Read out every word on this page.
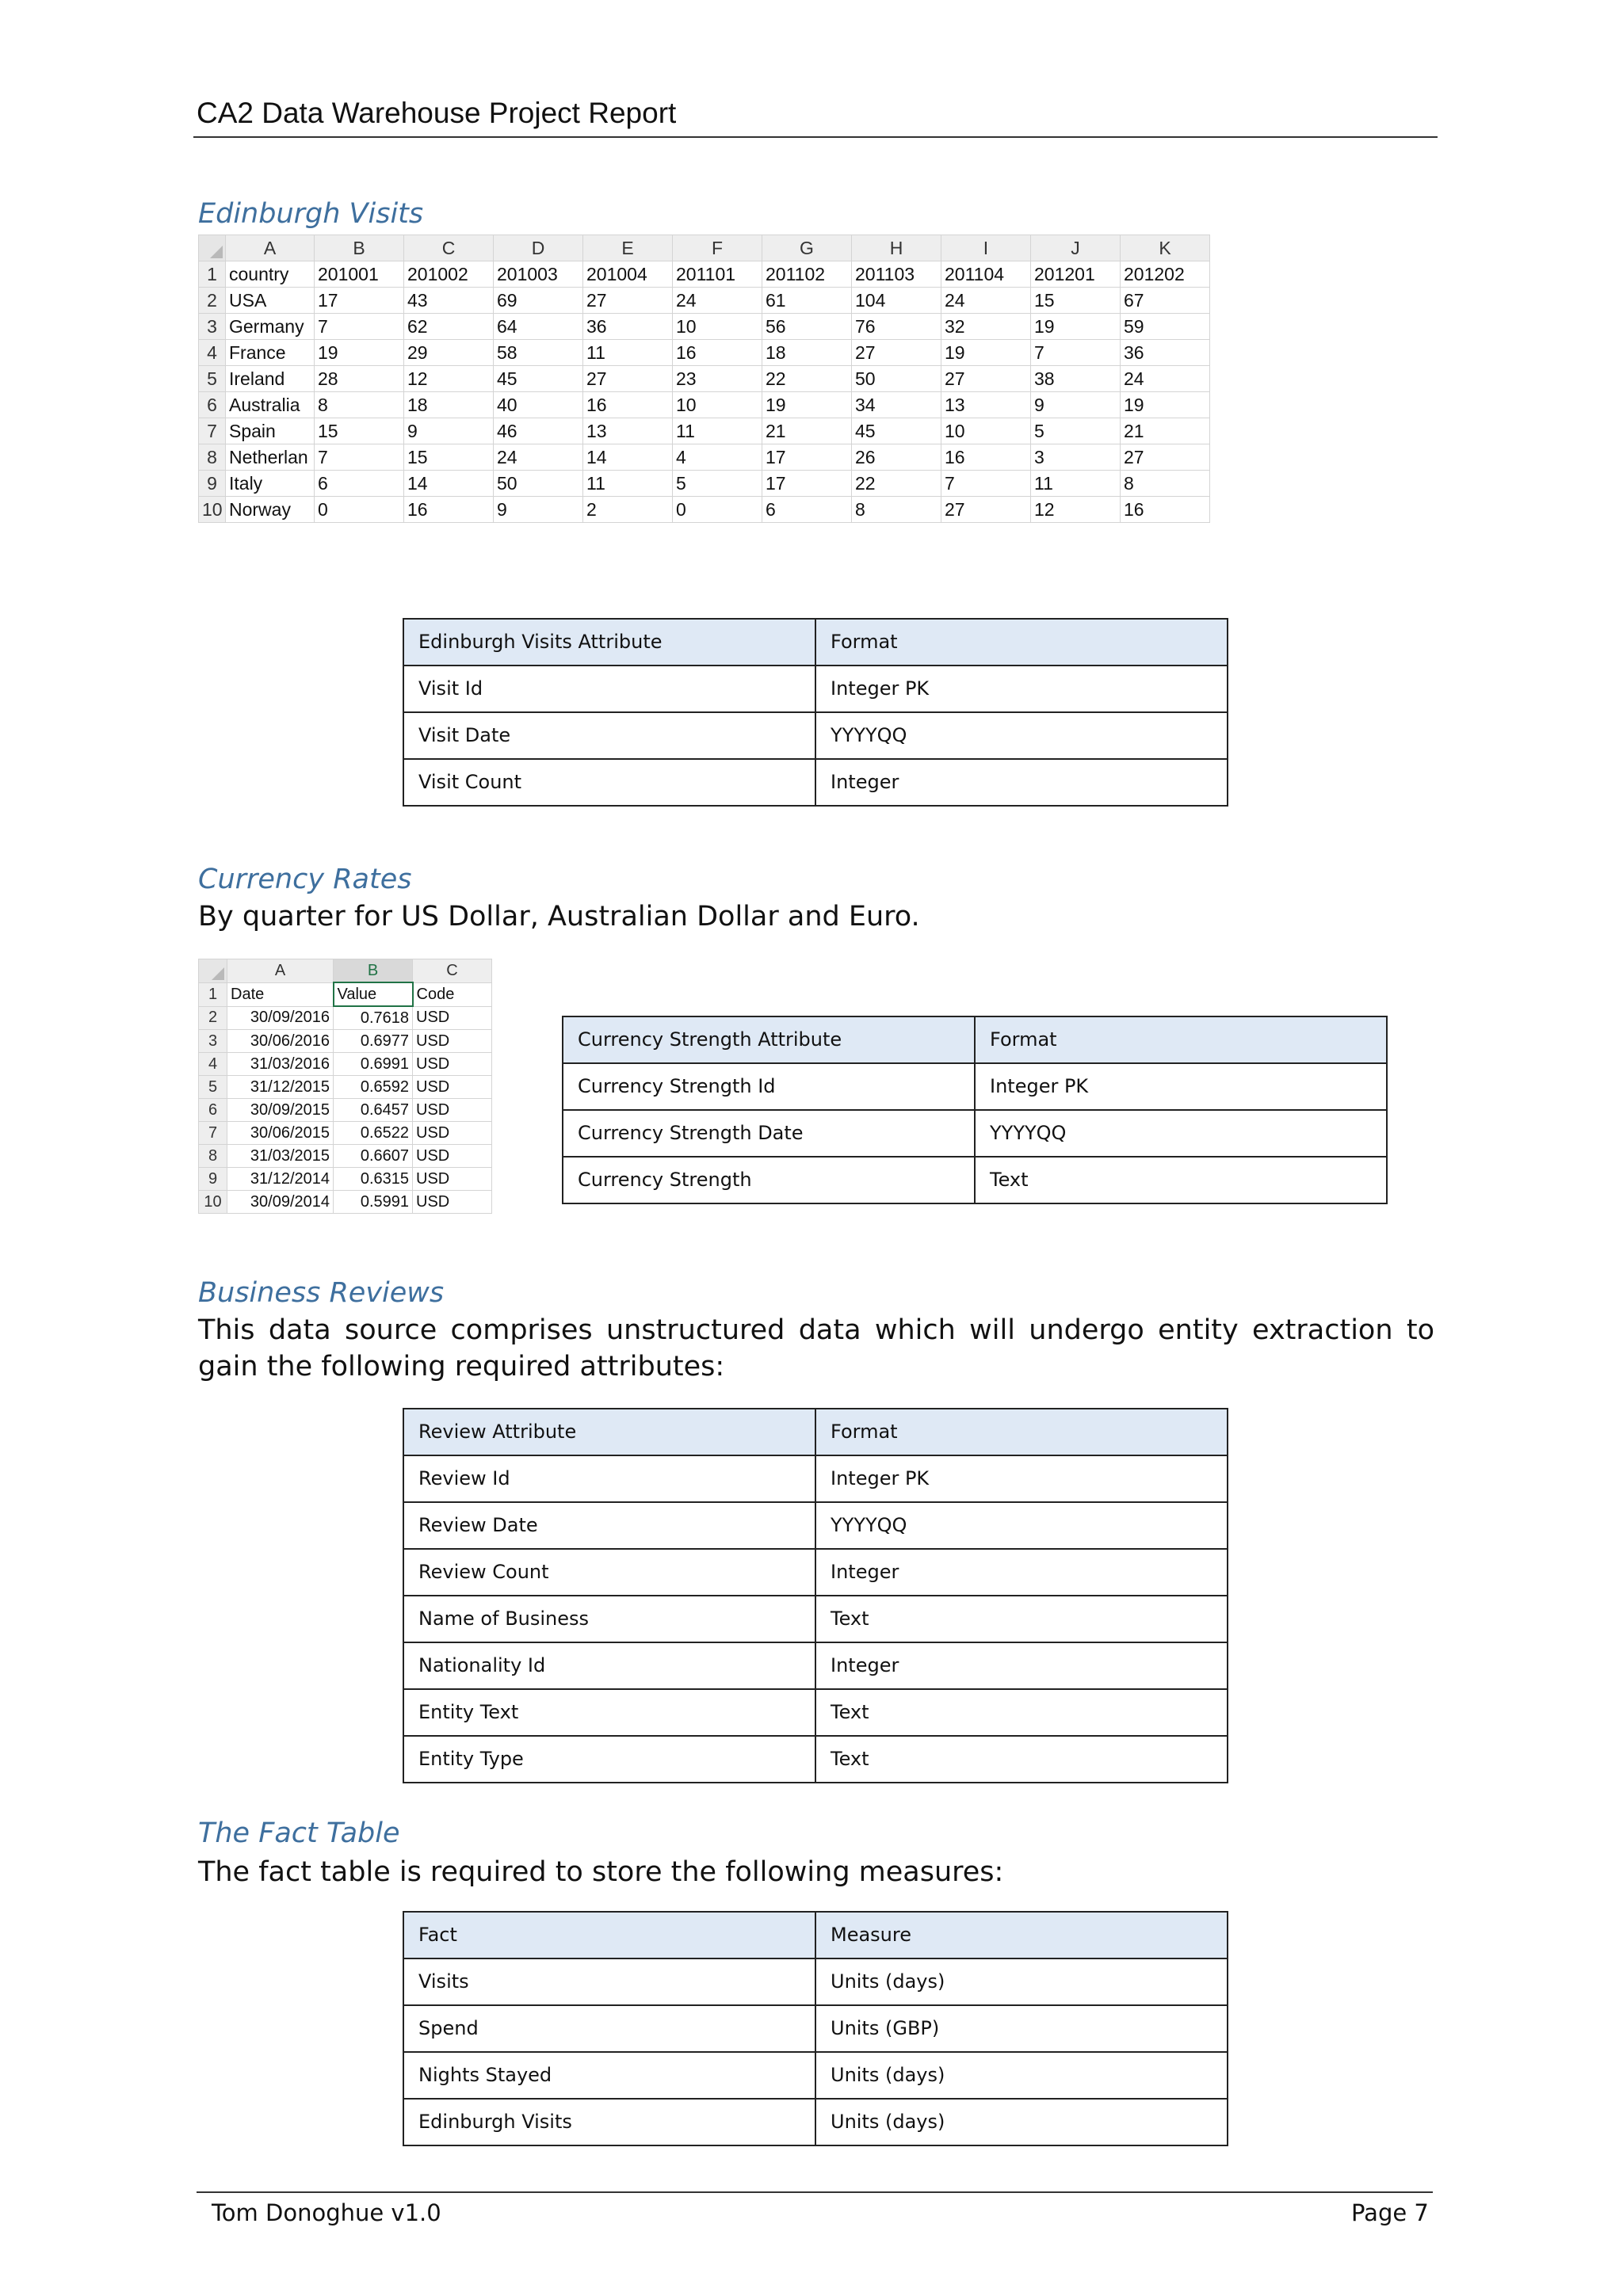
CA2 Data Warehouse Project Report
Edinburgh Visits
	A	B	C	D	E	F	G	H	I	J	K
1	country	201001	201002	201003	201004	201101	201102	201103	201104	201201	201202
2	USA	17	43	69	27	24	61	104	24	15	67
3	Germany	7	62	64	36	10	56	76	32	19	59
4	France	19	29	58	11	16	18	27	19	7	36
5	Ireland	28	12	45	27	23	22	50	27	38	24
6	Australia	8	18	40	16	10	19	34	13	9	19
7	Spain	15	9	46	13	11	21	45	10	5	21
8	Netherlan	7	15	24	14	4	17	26	16	3	27
9	Italy	6	14	50	11	5	17	22	7	11	8
10	Norway	0	16	9	2	0	6	8	27	12	16
Edinburgh Visits Attribute	Format
Visit Id	Integer PK
Visit Date	YYYYQQ
Visit Count	Integer
Currency Rates
By quarter for US Dollar, Australian Dollar and Euro.
	A	B	C
1	Date	Value	Code
2	30/09/2016	0.7618	USD
3	30/06/2016	0.6977	USD
4	31/03/2016	0.6991	USD
5	31/12/2015	0.6592	USD
6	30/09/2015	0.6457	USD
7	30/06/2015	0.6522	USD
8	31/03/2015	0.6607	USD
9	31/12/2014	0.6315	USD
10	30/09/2014	0.5991	USD
Currency Strength Attribute	Format
Currency Strength Id	Integer PK
Currency Strength Date	YYYYQQ
Currency Strength	Text
Business Reviews
This data source comprises unstructured data which will undergo entity extraction to gain the following required attributes:
Review Attribute	Format
Review Id	Integer PK
Review Date	YYYYQQ
Review Count	Integer
Name of Business	Text
Nationality Id	Integer
Entity Text	Text
Entity Type	Text
The Fact Table
The fact table is required to store the following measures:
Fact	Measure
Visits	Units (days)
Spend	Units (GBP)
Nights Stayed	Units (days)
Edinburgh Visits	Units (days)
Tom Donoghue v1.0	Page 7
